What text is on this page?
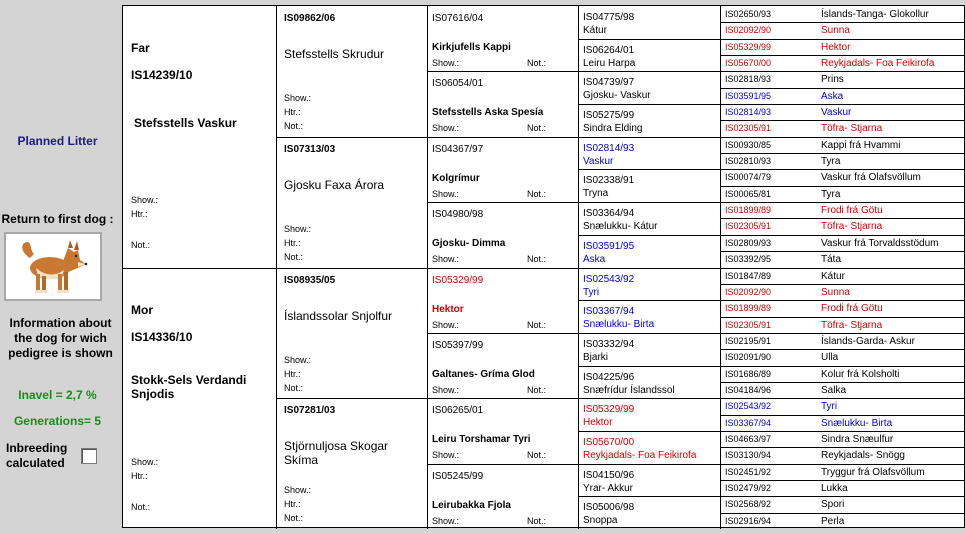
Planned Litter
Return to first dog :
Information about the dog for wich pedigree is shown
Inavel = 2,7 %
Generations= 5
Inbreeding calculated
Far
IS14239/10
Stefsstells Vaskur
Show.:
Htr.:
Not.:
Mor
IS14336/10
Stokk-Sels Verdandi Snjodis
Show.:
Htr.:
Not.:
IS09862/06
Stefsstells Skrudur
Show.:
Htr.:
Not.:
IS07313/03
Gjosku Faxa Árora
Show.:
Htr.:
Not.:
IS08935/05
Íslandssolar Snjolfur
Show.:
Htr.:
Not.:
IS07281/03
Stjörnuljosa Skogar Skíma
Show.:
Htr.:
Not.:
IS07616/04
Kirkjufells Kappi
Show.:	Not.:
IS06054/01
Stefsstells Aska Spesía
Show.:	Not.:
IS04367/97
Kolgrímur
Show.:	Not.:
IS04980/98
Gjosku- Dimma
Show.:	Not.:
IS05329/99
Hektor
Show.:	Not.:
IS05397/99
Galtanes- Gríma Glod
Show.:	Not.:
IS06265/01
Leiru Torshamar Tyri
Show.:	Not.:
IS05245/99
Leirubakka Fjola
Show.:	Not.:
IS04775/98
Kátur
IS06264/01
Leiru Harpa
IS04739/97
Gjosku- Vaskur
IS05275/99
Sindra Elding
IS02814/93
Vaskur
IS02338/91
Tryna
IS03364/94
Snælukku- Kátur
IS03591/95
Aska
IS02543/92
Tyri
IS03367/94
Snælukku- Birta
IS03332/94
Bjarki
IS04225/96
Snæfrídur Íslandssol
IS05329/99
Hektor
IS05670/00
Reykjadals- Foa Feikirofa
IS04150/96
Yrar- Akkur
IS05006/98
Snoppa
IS02650/93	Íslands-Tanga- Glokollur
IS02092/90	Sunna
IS05329/99	Hektor
IS05670/00	Reykjadals- Foa Feikirofa
IS02818/93	Prins
IS03591/95	Aska
IS02814/93	Vaskur
IS02305/91	Töfra- Stjarna
IS00930/85	Kappi frá Hvammi
IS02810/93	Tyra
IS00074/79	Vaskur frá Olafsvöllum
IS00065/81	Tyra
IS01899/89	Frodi frá Götu
IS02305/91	Töfra- Stjarna
IS02809/93	Vaskur frá Torvaldsstödum
IS03392/95	Táta
IS01847/89	Kátur
IS02092/90	Sunna
IS01899/89	Frodi frá Götu
IS02305/91	Töfra- Stjarna
IS02195/91	Íslands-Garda- Askur
IS02091/90	Ulla
IS01686/89	Kolur frá Kolsholti
IS04184/96	Salka
IS02543/92	Tyri
IS03367/94	Snælukku- Birta
IS04663/97	Sindra Snæulfur
IS03130/94	Reykjadals- Snögg
IS02451/92	Tryggur frá Olafsvöllum
IS02479/92	Lukka
IS02568/92	Spori
IS02916/94	Perla
